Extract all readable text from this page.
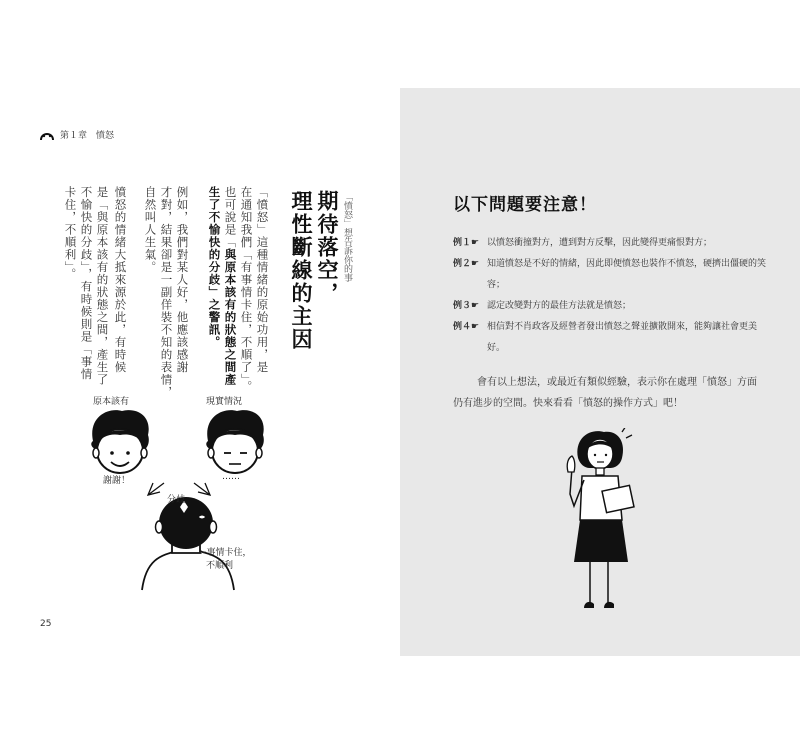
第１章　憤怒
期待落空，
理性斷線的主因	「憤怒」想告訴你的事
「憤怒」這種情緒的原始功用，是
在通知我們「有事情卡住，不順了」。
也可說是「與原本該有的狀態之間產
生了不愉快的分歧」之警訊。
例如，我們對某人好，他應該感謝
才對，結果卻是一副佯裝不知的表情，
自然叫人生氣。
憤怒的情緒大抵來源於此，有時候
是「與原本該有的狀態之間，產生了
不愉快的分歧」，有時候則是「事情
卡住，不順利」。
原本該有	現實情況
謝謝！	……
分歧
←事情卡住，
不順利
25
以下問題要注意！
例１☛ 以憤怒衝撞對方，遭到對方反擊，因此變得更痛恨對方；
例２☛ 知道憤怒是不好的情緒，因此即便憤怒也裝作不憤怒，硬擠出僵硬的笑容；
例３☛ 認定改變對方的最佳方法就是憤怒；
例４☛ 相信對不肖政客及經營者發出憤怒之聲並擴散開來，能夠讓社會更美好。
會有以上想法，或最近有類似經驗，表示你在處理「憤怒」方面仍有進步的空間。快來看看「憤怒的操作方式」吧！
